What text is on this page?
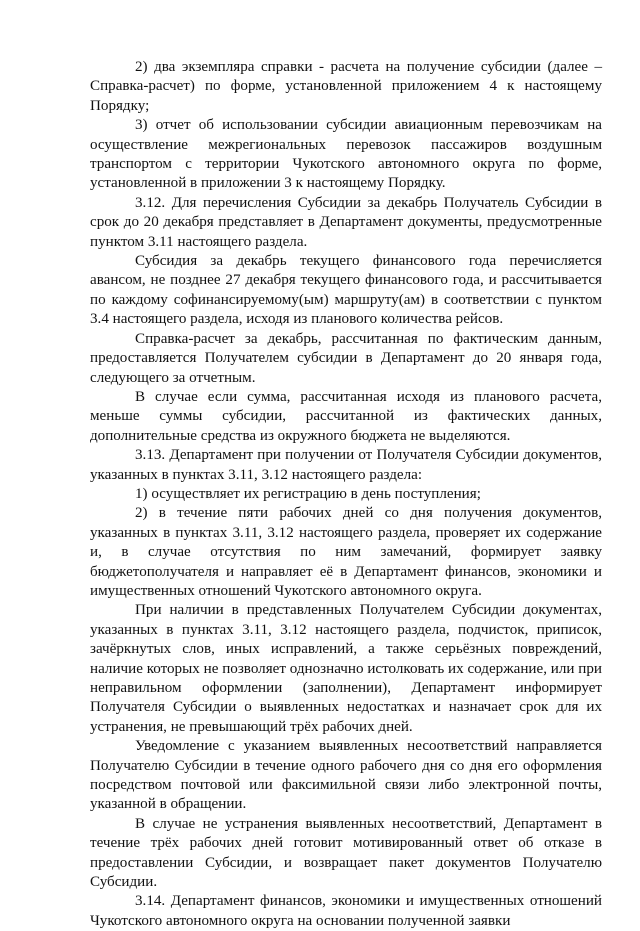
2) два экземпляра справки - расчета на получение субсидии (далее – Справка-расчет) по форме, установленной приложением 4 к настоящему Порядку;

3) отчет об использовании субсидии авиационным перевозчикам на осуществление межрегиональных перевозок пассажиров воздушным транспортом с территории Чукотского автономного округа по форме, установленной в приложении 3 к настоящему Порядку.

3.12. Для перечисления Субсидии за декабрь Получатель Субсидии в срок до 20 декабря представляет в Департамент документы, предусмотренные пунктом 3.11 настоящего раздела.

Субсидия за декабрь текущего финансового года перечисляется авансом, не позднее 27 декабря текущего финансового года, и рассчитывается по каждому софинансируемому(ым) маршруту(ам) в соответствии с пунктом 3.4 настоящего раздела, исходя из планового количества рейсов.

Справка-расчет за декабрь, рассчитанная по фактическим данным, предоставляется Получателем субсидии в Департамент до 20 января года, следующего за отчетным.

В случае если сумма, рассчитанная исходя из планового расчета, меньше суммы субсидии, рассчитанной из фактических данных, дополнительные средства из окружного бюджета не выделяются.

3.13. Департамент при получении от Получателя Субсидии документов, указанных в пунктах 3.11, 3.12 настоящего раздела:

1) осуществляет их регистрацию в день поступления;

2) в течение пяти рабочих дней со дня получения документов, указанных в пунктах 3.11, 3.12 настоящего раздела, проверяет их содержание и, в случае отсутствия по ним замечаний, формирует заявку бюджетополучателя и направляет её в Департамент финансов, экономики и имущественных отношений Чукотского автономного округа.

При наличии в представленных Получателем Субсидии документах, указанных в пунктах 3.11, 3.12 настоящего раздела, подчисток, приписок, зачёркнутых слов, иных исправлений, а также серьёзных повреждений, наличие которых не позволяет однозначно истолковать их содержание, или при неправильном оформлении (заполнении), Департамент информирует Получателя Субсидии о выявленных недостатках и назначает срок для их устранения, не превышающий трёх рабочих дней.

Уведомление с указанием выявленных несоответствий направляется Получателю Субсидии в течение одного рабочего дня со дня его оформления посредством почтовой или факсимильной связи либо электронной почты, указанной в обращении.

В случае не устранения выявленных несоответствий, Департамент в течение трёх рабочих дней готовит мотивированный ответ об отказе в предоставлении Субсидии, и возвращает пакет документов Получателю Субсидии.

3.14. Департамент финансов, экономики и имущественных отношений Чукотского автономного округа на основании полученной заявки
